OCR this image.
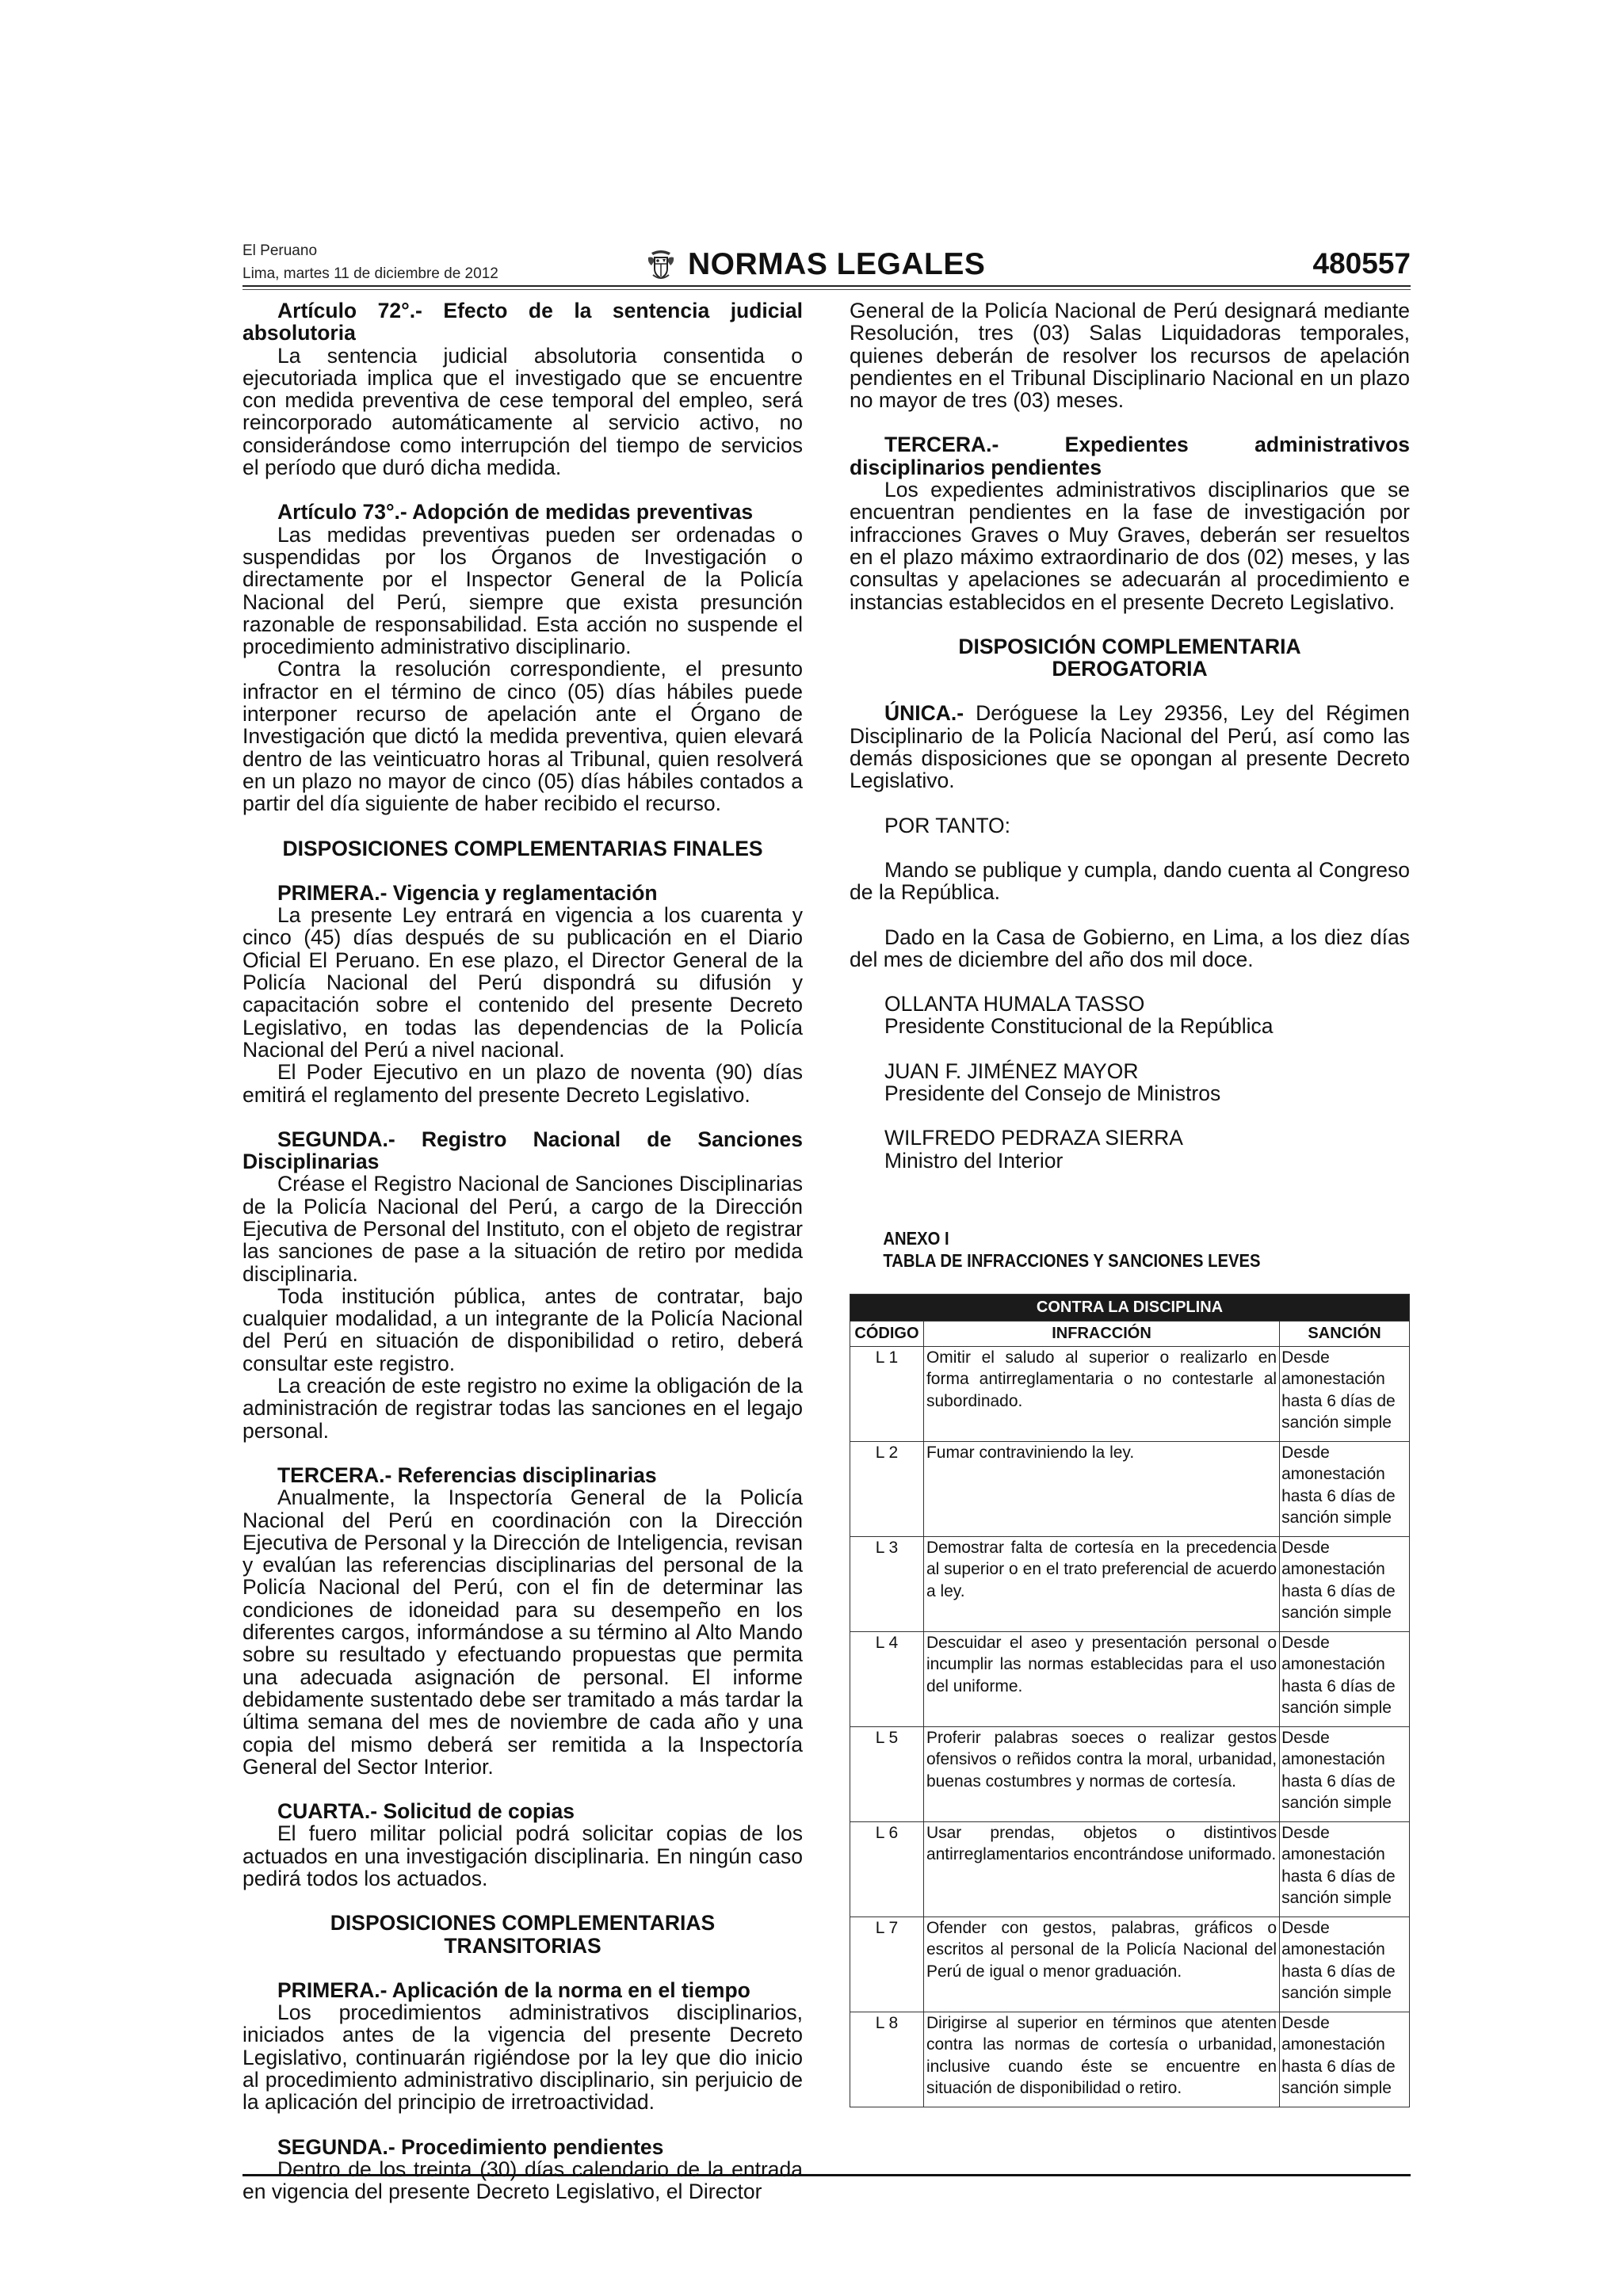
El Peruano
Lima, martes 11 de diciembre de 2012	NORMAS LEGALES	480557

Artículo 72°.- Efecto de la sentencia judicial absolutoria

La sentencia judicial absolutoria consentida o ejecutoriada implica que el investigado que se encuentre con medida preventiva de cese temporal del empleo, será reincorporado automáticamente al servicio activo, no considerándose como interrupción del tiempo de servicios el período que duró dicha medida.

Artículo 73°.- Adopción de medidas preventivas

Las medidas preventivas pueden ser ordenadas o suspendidas por los Órganos de Investigación o directamente por el Inspector General de la Policía Nacional del Perú, siempre que exista presunción razonable de responsabilidad. Esta acción no suspende el procedimiento administrativo disciplinario.

Contra la resolución correspondiente, el presunto infractor en el término de cinco (05) días hábiles puede interponer recurso de apelación ante el Órgano de Investigación que dictó la medida preventiva, quien elevará dentro de las veinticuatro horas al Tribunal, quien resolverá en un plazo no mayor de cinco (05) días hábiles contados a partir del día siguiente de haber recibido el recurso.

DISPOSICIONES COMPLEMENTARIAS FINALES

PRIMERA.- Vigencia y reglamentación

La presente Ley entrará en vigencia a los cuarenta y cinco (45) días después de su publicación en el Diario Oficial El Peruano. En ese plazo, el Director General de la Policía Nacional del Perú dispondrá su difusión y capacitación sobre el contenido del presente Decreto Legislativo, en todas las dependencias de la Policía Nacional del Perú a nivel nacional.

El Poder Ejecutivo en un plazo de noventa (90) días emitirá el reglamento del presente Decreto Legislativo.

SEGUNDA.- Registro Nacional de Sanciones Disciplinarias

Créase el Registro Nacional de Sanciones Disciplinarias de la Policía Nacional del Perú, a cargo de la Dirección Ejecutiva de Personal del Instituto, con el objeto de registrar las sanciones de pase a la situación de retiro por medida disciplinaria.

Toda institución pública, antes de contratar, bajo cualquier modalidad, a un integrante de la Policía Nacional del Perú en situación de disponibilidad o retiro, deberá consultar este registro.

La creación de este registro no exime la obligación de la administración de registrar todas las sanciones en el legajo personal.

TERCERA.- Referencias disciplinarias

Anualmente, la Inspectoría General de la Policía Nacional del Perú en coordinación con la Dirección Ejecutiva de Personal y la Dirección de Inteligencia, revisan y evalúan las referencias disciplinarias del personal de la Policía Nacional del Perú, con el fin de determinar las condiciones de idoneidad para su desempeño en los diferentes cargos, informándose a su término al Alto Mando sobre su resultado y efectuando propuestas que permita una adecuada asignación de personal. El informe debidamente sustentado debe ser tramitado a más tardar la última semana del mes de noviembre de cada año y una copia del mismo deberá ser remitida a la Inspectoría General del Sector Interior.

CUARTA.- Solicitud de copias

El fuero militar policial podrá solicitar copias de los actuados en una investigación disciplinaria. En ningún caso pedirá todos los actuados.

DISPOSICIONES COMPLEMENTARIAS

TRANSITORIAS

PRIMERA.- Aplicación de la norma en el tiempo

Los procedimientos administrativos disciplinarios, iniciados antes de la vigencia del presente Decreto Legislativo, continuarán rigiéndose por la ley que dio inicio al procedimiento administrativo disciplinario, sin perjuicio de la aplicación del principio de irretroactividad.

SEGUNDA.- Procedimiento pendientes

Dentro de los treinta (30) días calendario de la entrada en vigencia del presente Decreto Legislativo, el Director

General de la Policía Nacional de Perú designará mediante Resolución, tres (03) Salas Liquidadoras temporales, quienes deberán de resolver los recursos de apelación pendientes en el Tribunal Disciplinario Nacional en un plazo no mayor de tres (03) meses.

TERCERA.- Expedientes administrativos disciplinarios pendientes

Los expedientes administrativos disciplinarios que se encuentran pendientes en la fase de investigación por infracciones Graves o Muy Graves, deberán ser resueltos en el plazo máximo extraordinario de dos (02) meses, y las consultas y apelaciones se adecuarán al procedimiento e instancias establecidos en el presente Decreto Legislativo.

DISPOSICIÓN COMPLEMENTARIA

DEROGATORIA

ÚNICA.- Deróguese la Ley 29356, Ley del Régimen Disciplinario de la Policía Nacional del Perú, así como las demás disposiciones que se opongan al presente Decreto Legislativo.

POR TANTO:

Mando se publique y cumpla, dando cuenta al Congreso de la República.

Dado en la Casa de Gobierno, en Lima, a los diez días del mes de diciembre del año dos mil doce.

OLLANTA HUMALA TASSO

Presidente Constitucional de la República

JUAN F. JIMÉNEZ MAYOR

Presidente del Consejo de Ministros

WILFREDO PEDRAZA SIERRA

Ministro del Interior

ANEXO I

TABLA DE INFRACCIONES Y SANCIONES LEVES

CONTRA LA DISCIPLINA		
CÓDIGO	INFRACCIÓN	SANCIÓN
L 1	Omitir el saludo al superior o realizarlo en forma antirreglamentaria o no contestarle al subordinado.	Desde amonestación hasta 6 días de sanción simple
L 2	Fumar contraviniendo la ley.	Desde amonestación hasta 6 días de sanción simple
L 3	Demostrar falta de cortesía en la precedencia al superior o en el trato preferencial de acuerdo a ley.	Desde amonestación hasta 6 días de sanción simple
L 4	Descuidar el aseo y presentación personal o incumplir las normas establecidas para el uso del uniforme.	Desde amonestación hasta 6 días de sanción simple
L 5	Proferir palabras soeces o realizar gestos ofensivos o reñidos contra la moral, urbanidad, buenas costumbres y normas de cortesía.	Desde amonestación hasta 6 días de sanción simple
L 6	Usar prendas, objetos o distintivos antirreglamentarios encontrándose uniformado.	Desde amonestación hasta 6 días de sanción simple
L 7	Ofender con gestos, palabras, gráficos o escritos al personal de la Policía Nacional del Perú de igual o menor graduación.	Desde amonestación hasta 6 días de sanción simple
L 8	Dirigirse al superior en términos que atenten contra las normas de cortesía o urbanidad, inclusive cuando éste se encuentre en situación de disponibilidad o retiro.	Desde amonestación hasta 6 días de sanción simple
